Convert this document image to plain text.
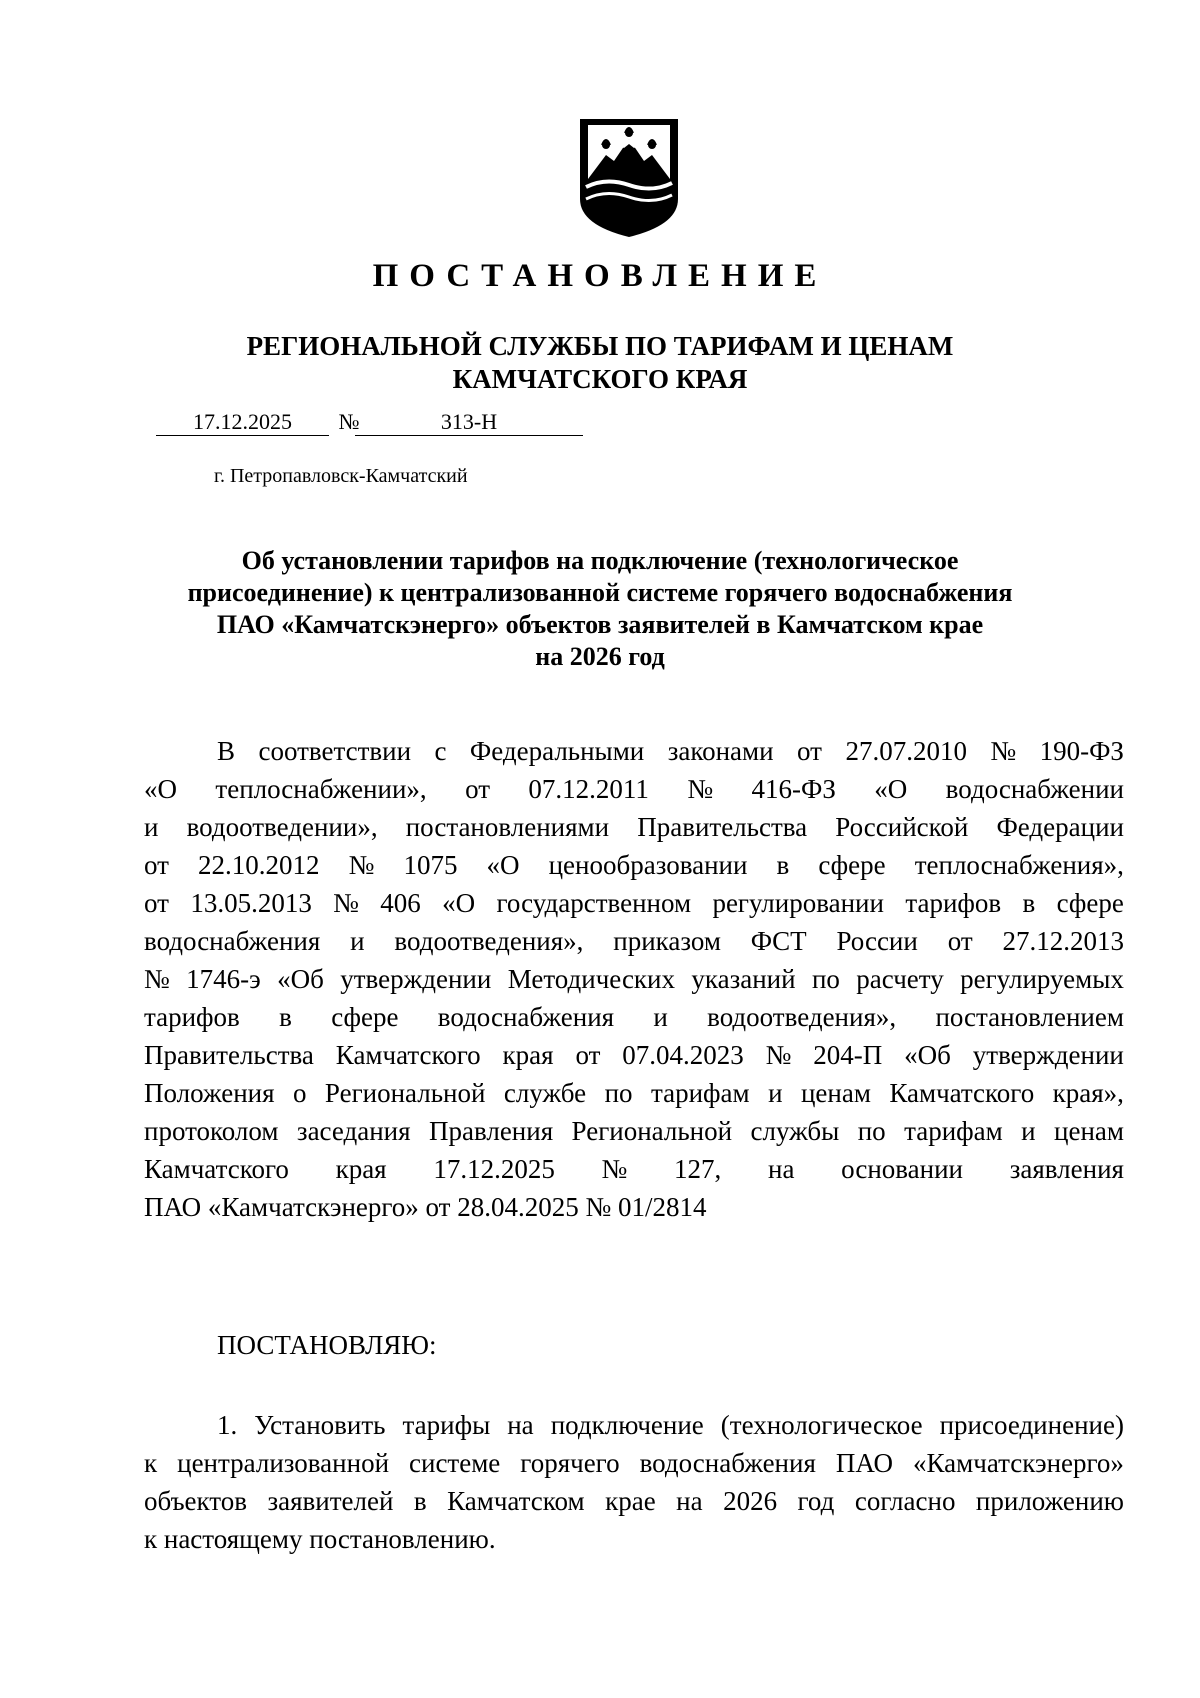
ПОСТАНОВЛЕНИЕ
РЕГИОНАЛЬНОЙ СЛУЖБЫ ПО ТАРИФАМ И ЦЕНАМ
КАМЧАТСКОГО КРАЯ
17.12.2025	№	313-Н
г. Петропавловск-Камчатский
Об установлении тарифов на подключение (технологическое
присоединение) к централизованной системе горячего водоснабжения
ПАО «Камчатскэнерго» объектов заявителей в Камчатском крае
на 2026 год
В соответствии с Федеральными законами от 27.07.2010 № 190-ФЗ
«О теплоснабжении», от 07.12.2011 № 416-ФЗ «О водоснабжении
и водоотведении», постановлениями Правительства Российской Федерации
от 22.10.2012 № 1075 «О ценообразовании в сфере теплоснабжения»,
от 13.05.2013 № 406 «О государственном регулировании тарифов в сфере
водоснабжения и водоотведения», приказом ФСТ России от 27.12.2013
№ 1746-э «Об утверждении Методических указаний по расчету регулируемых
тарифов в сфере водоснабжения и водоотведения», постановлением
Правительства Камчатского края от 07.04.2023 № 204-П «Об утверждении
Положения о Региональной службе по тарифам и ценам Камчатского края»,
протоколом заседания Правления Региональной службы по тарифам и ценам
Камчатского края 17.12.2025 № 127, на основании заявления
ПАО «Камчатскэнерго» от 28.04.2025 № 01/2814
ПОСТАНОВЛЯЮ:
1. Установить тарифы на подключение (технологическое присоединение)
к централизованной системе горячего водоснабжения ПАО «Камчатскэнерго»
объектов заявителей в Камчатском крае на 2026 год согласно приложению
к настоящему постановлению.
